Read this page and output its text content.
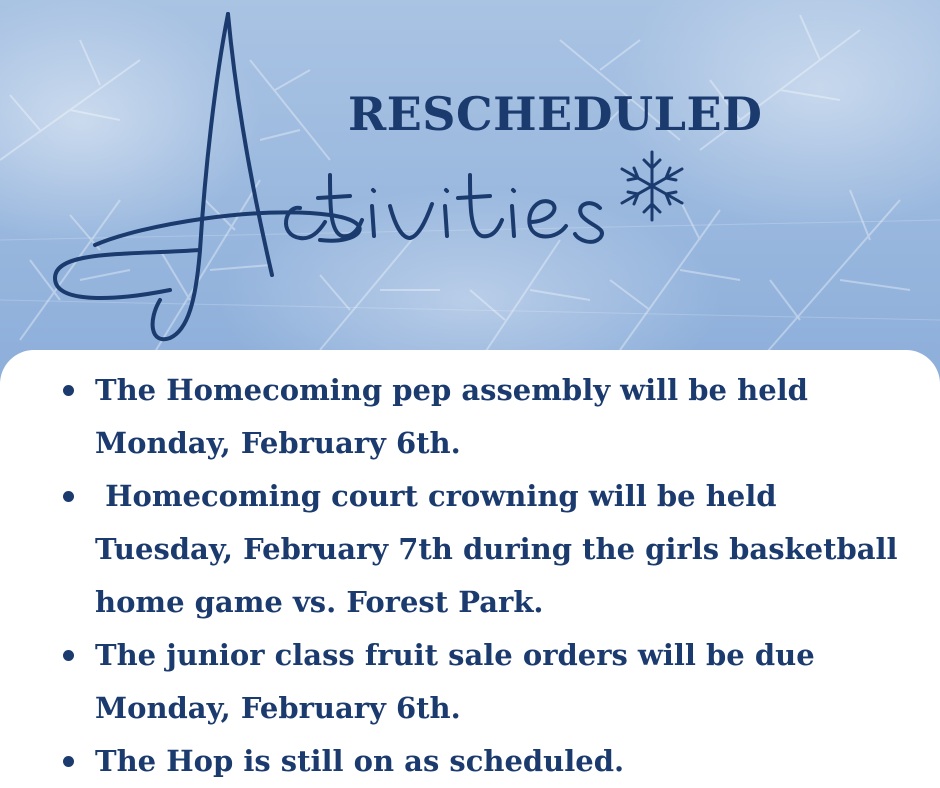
RESCHEDULED
The Homecoming pep assembly will be held
Monday, February 6th.
Homecoming court crowning will be held
Tuesday, February 7th during the girls basketball
home game vs. Forest Park.
The junior class fruit sale orders will be due
Monday, February 6th.
The Hop is still on as scheduled.
